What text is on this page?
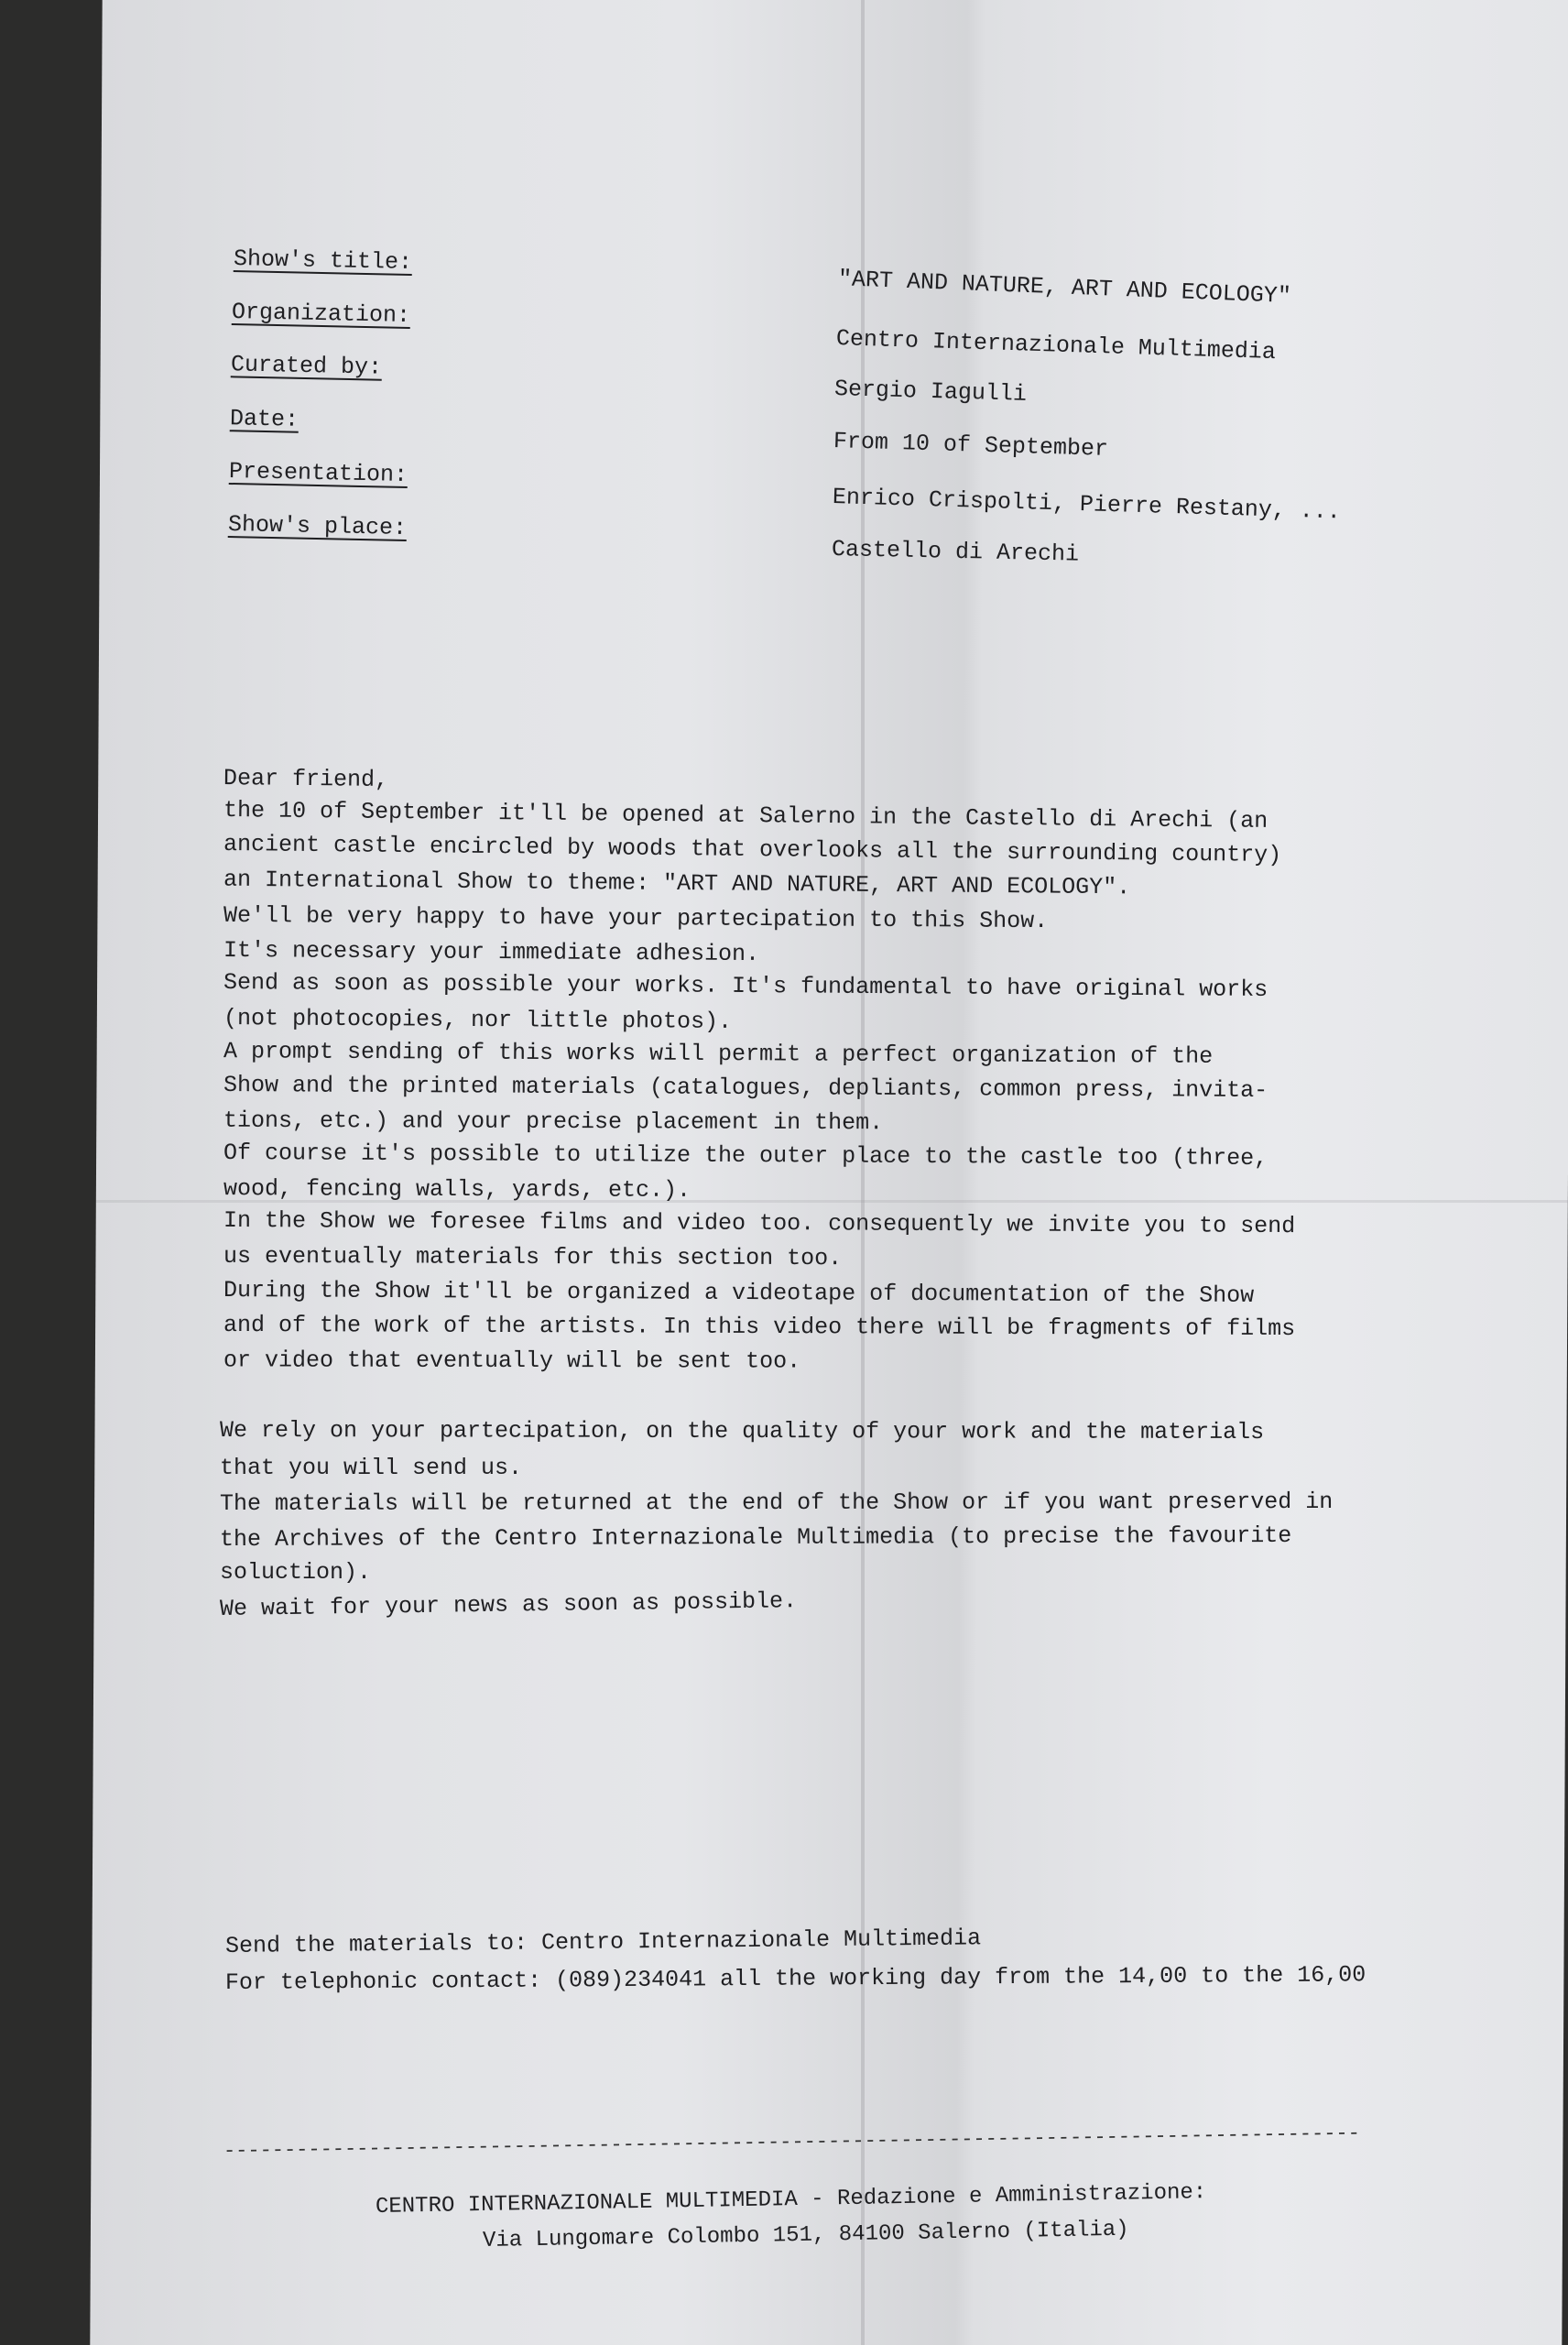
Show's title:
Organization:
Curated by:
Date:
Presentation:
Show's place:
"ART AND NATURE, ART AND ECOLOGY"
Centro Internazionale Multimedia
Sergio Iagulli
From 10 of September
Enrico Crispolti, Pierre Restany, ...
Castello di Arechi
Dear friend,
the 10 of September it'll be opened at Salerno in the Castello di Arechi (an
ancient castle encircled by woods that overlooks all the surrounding country)
an International Show to theme: "ART AND NATURE, ART AND ECOLOGY".
We'll be very happy to have your partecipation to this Show.
It's necessary your immediate adhesion.
Send as soon as possible your works. It's fundamental to have original works
(not photocopies, nor little photos).
A prompt sending of this works will permit a perfect organization of the
Show and the printed materials (catalogues, depliants, common press, invita-
tions, etc.) and your precise placement in them.
Of course it's possible to utilize the outer place to the castle too (three,
wood, fencing walls, yards, etc.).
In the Show we foresee films and video too. consequently we invite you to send
us eventually materials for this section too.
During the Show it'll be organized a videotape of documentation of the Show
and of the work of the artists. In this video there will be fragments of films
or video that eventually will be sent too.
We rely on your partecipation, on the quality of your work and the materials
that you will send us.
The materials will be returned at the end of the Show or if you want preserved in
the Archives of the Centro Internazionale Multimedia (to precise the favourite
soluction).
We wait for your news as soon as possible.
Send the materials to: Centro Internazionale Multimedia
For telephonic contact: (089)234041 all the working day from the 14,00 to the 16,00
----------------------------------------------------------------------------------------------
CENTRO INTERNAZIONALE MULTIMEDIA - Redazione e Amministrazione:
Via Lungomare Colombo 151, 84100 Salerno (Italia)
